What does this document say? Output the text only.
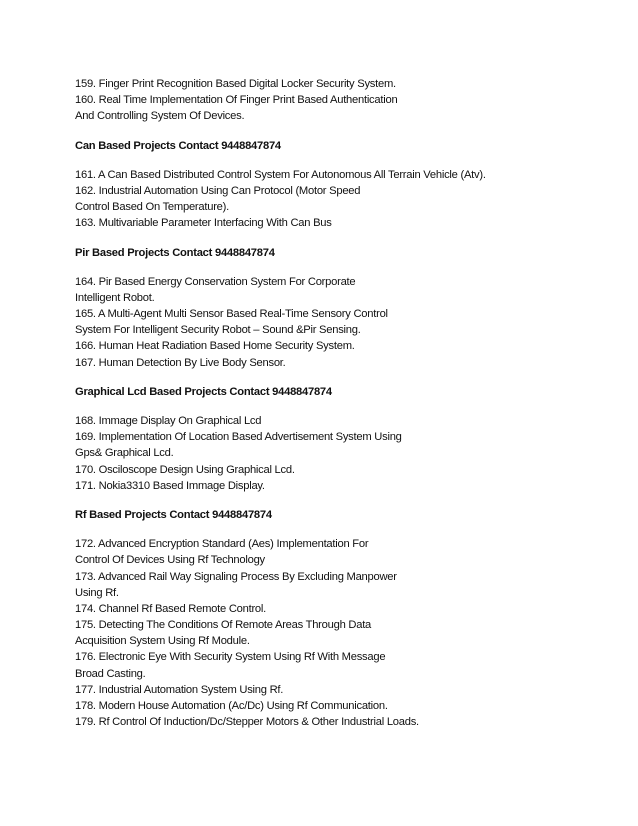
159. Finger Print Recognition Based Digital Locker Security System.
160. Real Time Implementation Of Finger Print Based Authentication
And Controlling System Of Devices.
Can Based Projects Contact 9448847874
161. A Can Based Distributed Control System For Autonomous All Terrain Vehicle (Atv).
162. Industrial Automation Using Can Protocol (Motor Speed
Control Based On Temperature).
163. Multivariable Parameter Interfacing With Can Bus
Pir Based Projects Contact 9448847874
164. Pir Based Energy Conservation System For Corporate
Intelligent Robot.
165. A Multi-Agent Multi Sensor Based Real-Time Sensory Control
System For Intelligent Security Robot – Sound &Pir Sensing.
166. Human Heat Radiation Based Home Security System.
167. Human Detection By Live Body Sensor.
Graphical Lcd Based Projects Contact 9448847874
168. Immage Display On Graphical Lcd
169. Implementation Of Location Based Advertisement System Using
Gps& Graphical Lcd.
170. Osciloscope Design Using Graphical Lcd.
171. Nokia3310 Based Immage Display.
Rf Based Projects Contact 9448847874
172. Advanced Encryption Standard (Aes) Implementation For
Control Of Devices Using Rf Technology
173. Advanced Rail Way Signaling Process By Excluding Manpower
Using Rf.
174. Channel Rf Based Remote Control.
175. Detecting The Conditions Of Remote Areas Through Data
Acquisition System Using Rf Module.
176. Electronic Eye With Security System Using Rf With Message
Broad Casting.
177. Industrial Automation System Using Rf.
178. Modern House Automation (Ac/Dc) Using Rf Communication.
179. Rf Control Of Induction/Dc/Stepper Motors & Other Industrial Loads.
